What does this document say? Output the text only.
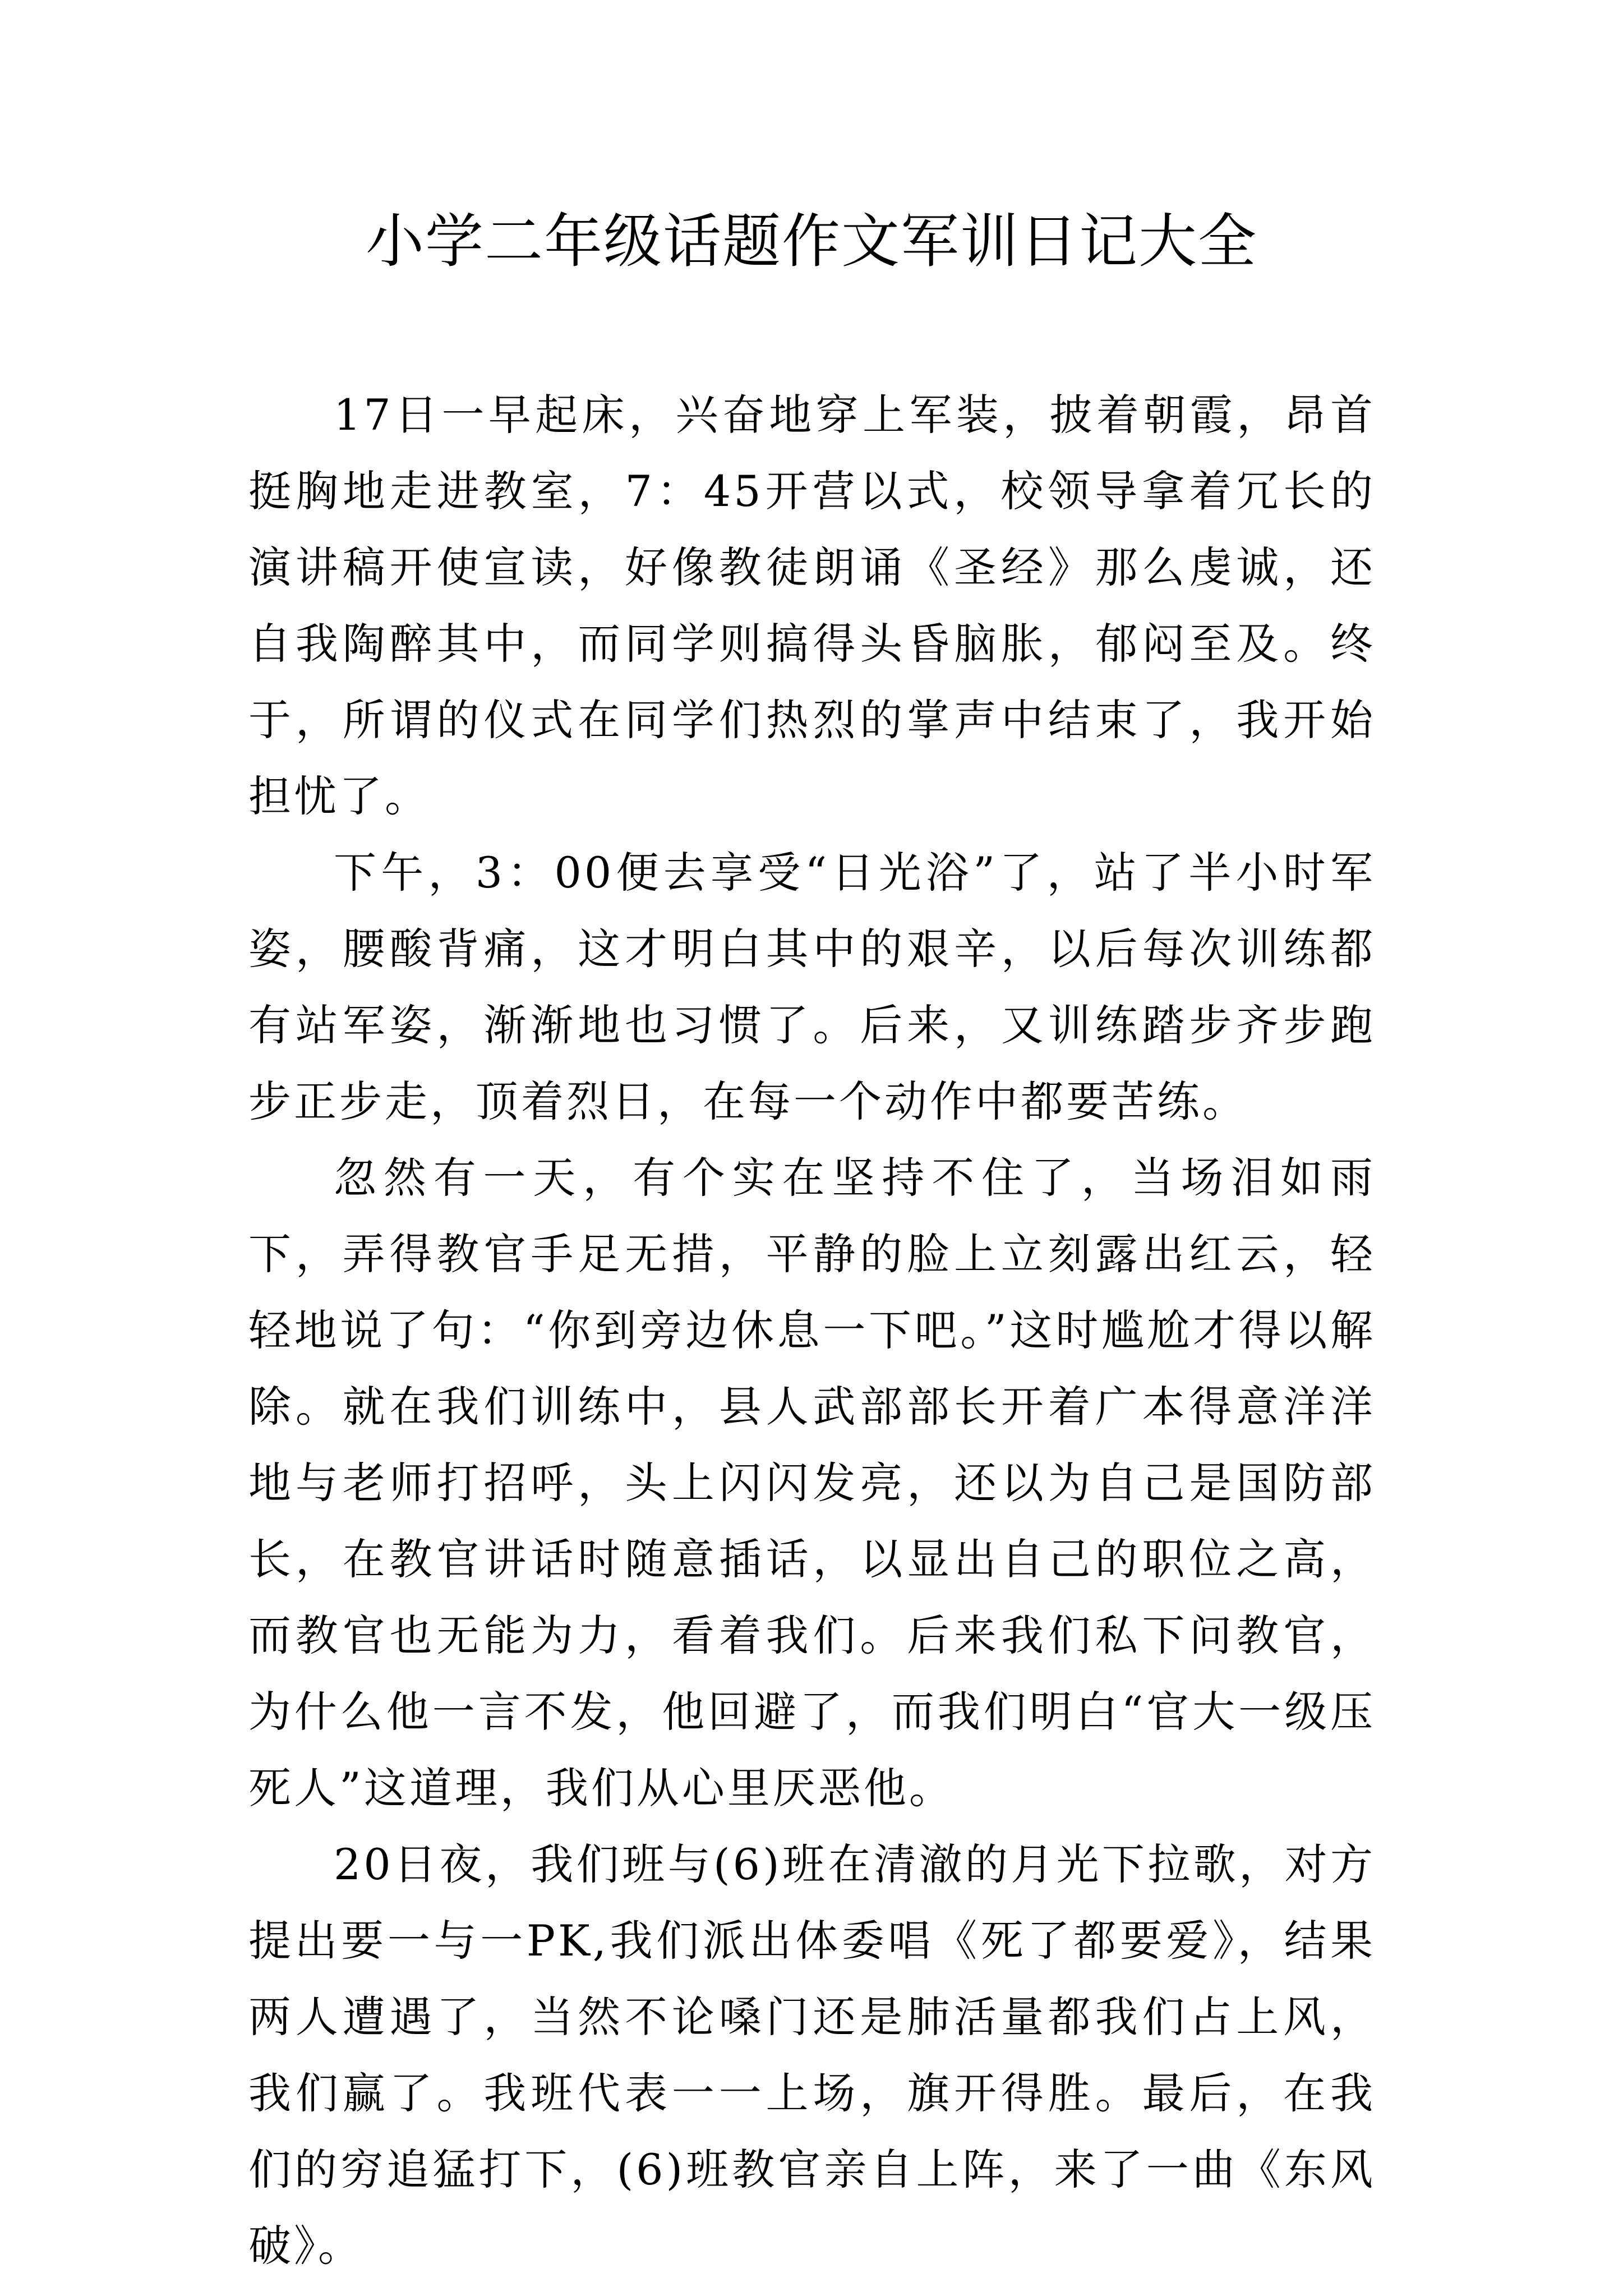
小学二年级话题作文军训日记大全

17日一早起床，兴奋地穿上军装，披着朝霞，昂首挺胸地走进教室，7：45开营以式，校领导拿着冗长的演讲稿开使宣读，好像教徒朗诵《圣经》那么虔诚，还自我陶醉其中，而同学则搞得头昏脑胀，郁闷至及。终于，所谓的仪式在同学们热烈的掌声中结束了，我开始担忧了。

下午，3：00便去享受“日光浴”了，站了半小时军姿，腰酸背痛，这才明白其中的艰辛，以后每次训练都有站军姿，渐渐地也习惯了。后来，又训练踏步齐步跑步正步走，顶着烈日，在每一个动作中都要苦练。

忽然有一天，有个实在坚持不住了，当场泪如雨下，弄得教官手足无措，平静的脸上立刻露出红云，轻轻地说了句：“你到旁边休息一下吧。”这时尴尬才得以解除。就在我们训练中，县人武部部长开着广本得意洋洋地与老师打招呼，头上闪闪发亮，还以为自己是国防部长，在教官讲话时随意插话，以显出自己的职位之高，而教官也无能为力，看着我们。后来我们私下问教官，为什么他一言不发，他回避了，而我们明白“官大一级压死人”这道理，我们从心里厌恶他。

20日夜，我们班与(6)班在清澈的月光下拉歌，对方提出要一与一PK,我们派出体委唱《死了都要爱》，结果两人遭遇了，当然不论嗓门还是肺活量都我们占上风，我们赢了。我班代表一一上场，旗开得胜。最后，在我们的穷追猛打下，(6)班教官亲自上阵，来了一曲《东风破》。
